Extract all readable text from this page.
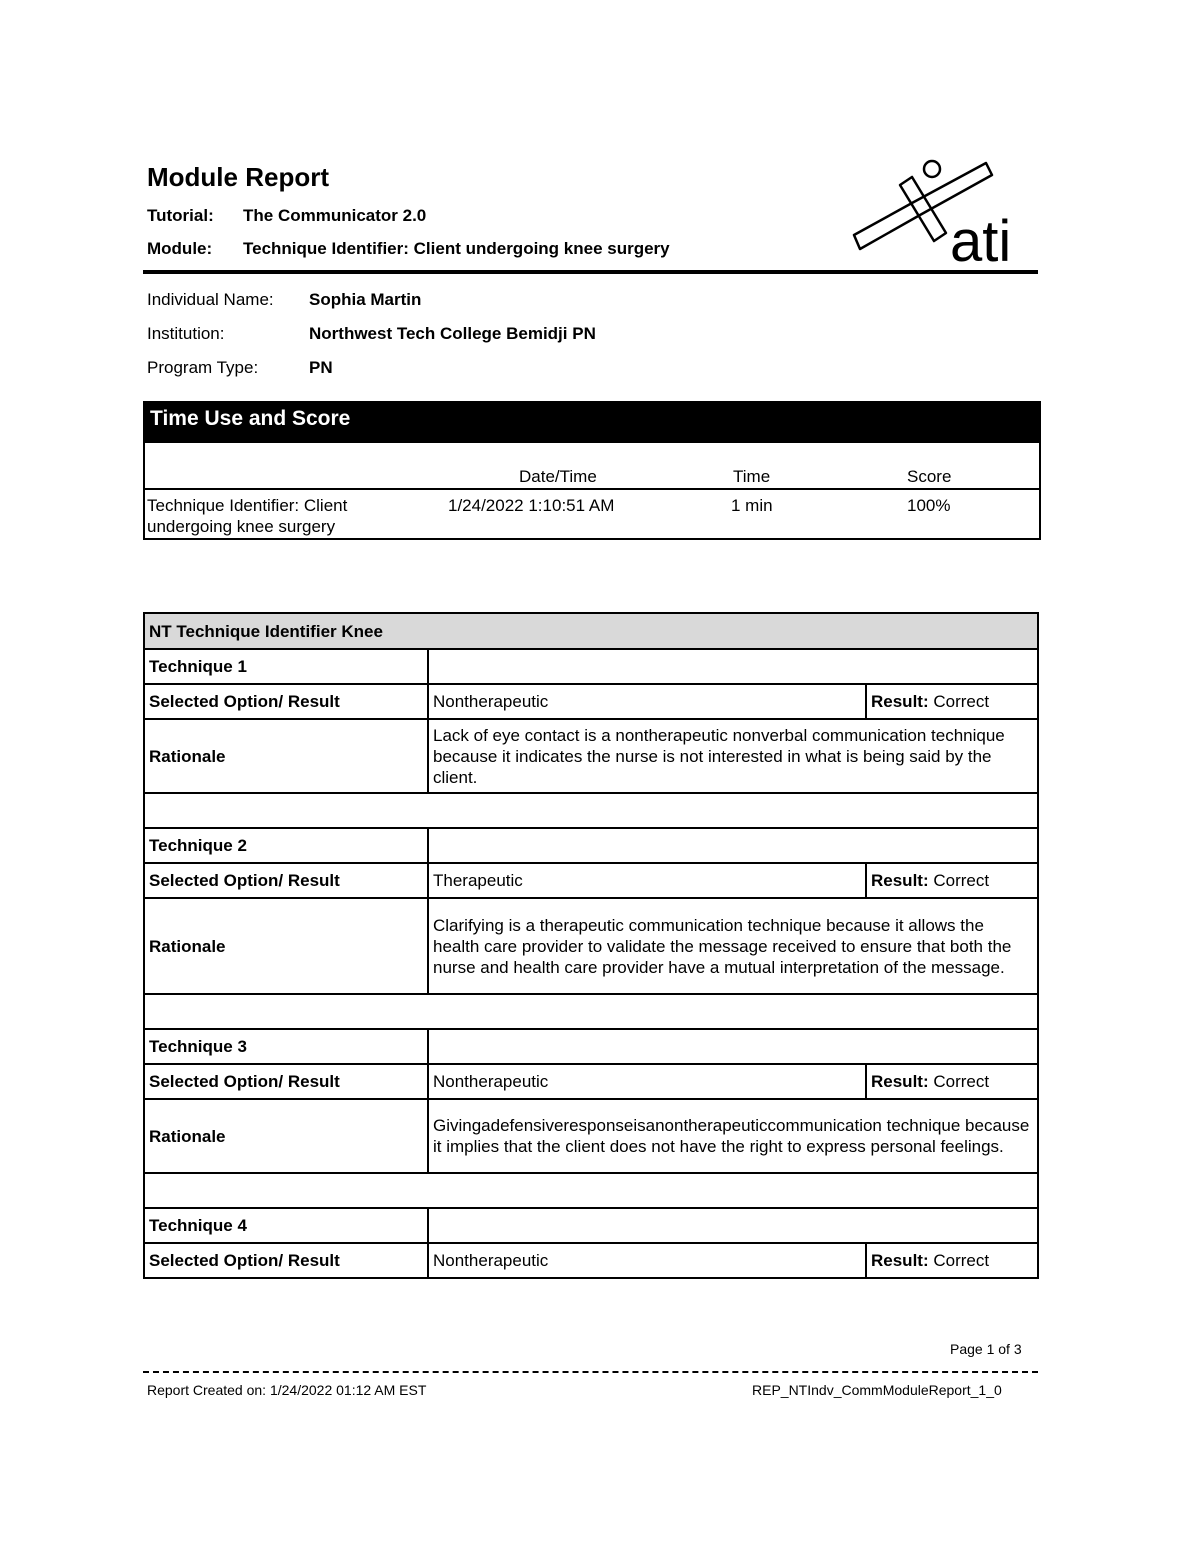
Module Report
Tutorial: The Communicator 2.0
Module: Technique Identifier: Client undergoing knee surgery	ati
Individual Name: Sophia Martin
Institution:	Northwest Tech College Bemidji PN
Program Type:	PN
Time Use and Score
Date/Time	Time	Score
Technique Identifier: Client
undergoing knee surgery
1/24/2022 1:10:51 AM	1 min	100%
NT Technique Identifier Knee		
Technique 1		
Selected Option/ Result	Nontherapeutic	Result: Correct
Rationale	Lack of eye contact is a nontherapeutic nonverbal communication technique because it indicates the nurse is not interested in what is being said by the client.	

Technique 2		
Selected Option/ Result	Therapeutic	Result: Correct
Rationale	Clarifying is a therapeutic communication technique because it allows the health care provider to validate the message received to ensure that both the nurse and health care provider have a mutual interpretation of the message.	

Technique 3		
Selected Option/ Result	Nontherapeutic	Result: Correct
Rationale	Givingadefensiveresponseisanontherapeuticcommunication technique because it implies that the client does not have the right to express personal feelings.	

Technique 4		
Selected Option/ Result	Nontherapeutic	Result: Correct
Page 1 of 3
Report Created on: 1/24/2022 01:12 AM EST	REP_NTIndv_CommModuleReport_1_0
